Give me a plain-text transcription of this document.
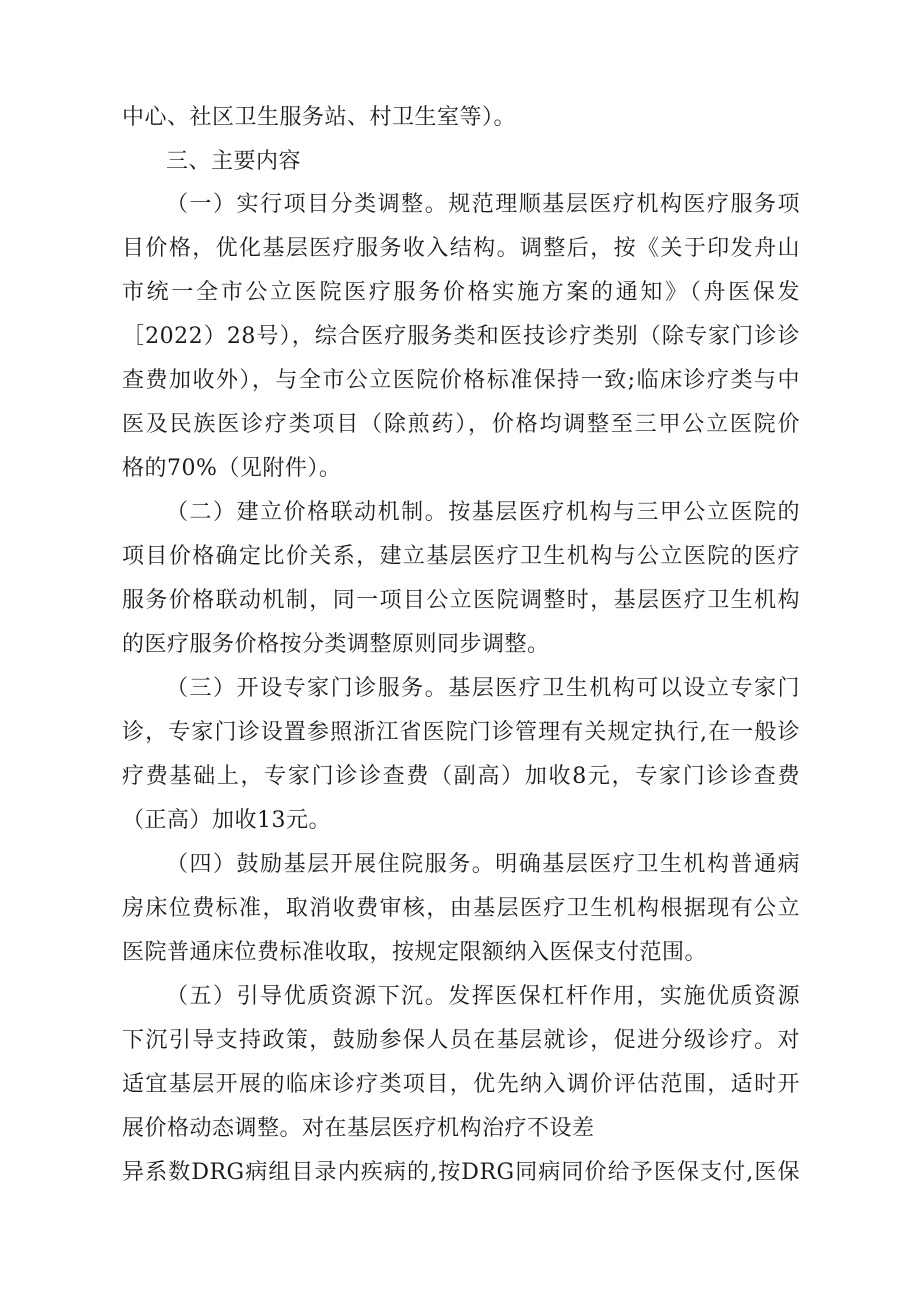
中心、社区卫生服务站、村卫生室等）。
三、主要内容
（一）实行项目分类调整。规范理顺基层医疗机构医疗服务项
目价格，优化基层医疗服务收入结构。调整后，按《关于印发舟山
市统一全市公立医院医疗服务价格实施方案的通知》（舟医保发
［2022）28号），综合医疗服务类和医技诊疗类别（除专家门诊诊
查费加收外），与全市公立医院价格标准保持一致;临床诊疗类与中
医及民族医诊疗类项目（除煎药），价格均调整至三甲公立医院价
格的70%（见附件）。
（二）建立价格联动机制。按基层医疗机构与三甲公立医院的
项目价格确定比价关系，建立基层医疗卫生机构与公立医院的医疗
服务价格联动机制，同一项目公立医院调整时，基层医疗卫生机构
的医疗服务价格按分类调整原则同步调整。
（三）开设专家门诊服务。基层医疗卫生机构可以设立专家门
诊，专家门诊设置参照浙江省医院门诊管理有关规定执行,在一般诊
疗费基础上，专家门诊诊查费（副高）加收8元，专家门诊诊查费
（正高）加收13元。
（四）鼓励基层开展住院服务。明确基层医疗卫生机构普通病
房床位费标准，取消收费审核，由基层医疗卫生机构根据现有公立
医院普通床位费标准收取，按规定限额纳入医保支付范围。
（五）引导优质资源下沉。发挥医保杠杆作用，实施优质资源
下沉引导支持政策，鼓励参保人员在基层就诊，促进分级诊疗。对
适宜基层开展的临床诊疗类项目，优先纳入调价评估范围，适时开
展价格动态调整。对在基层医疗机构治疗不设差
异系数DRG病组目录内疾病的,按DRG同病同价给予医保支付,医保
